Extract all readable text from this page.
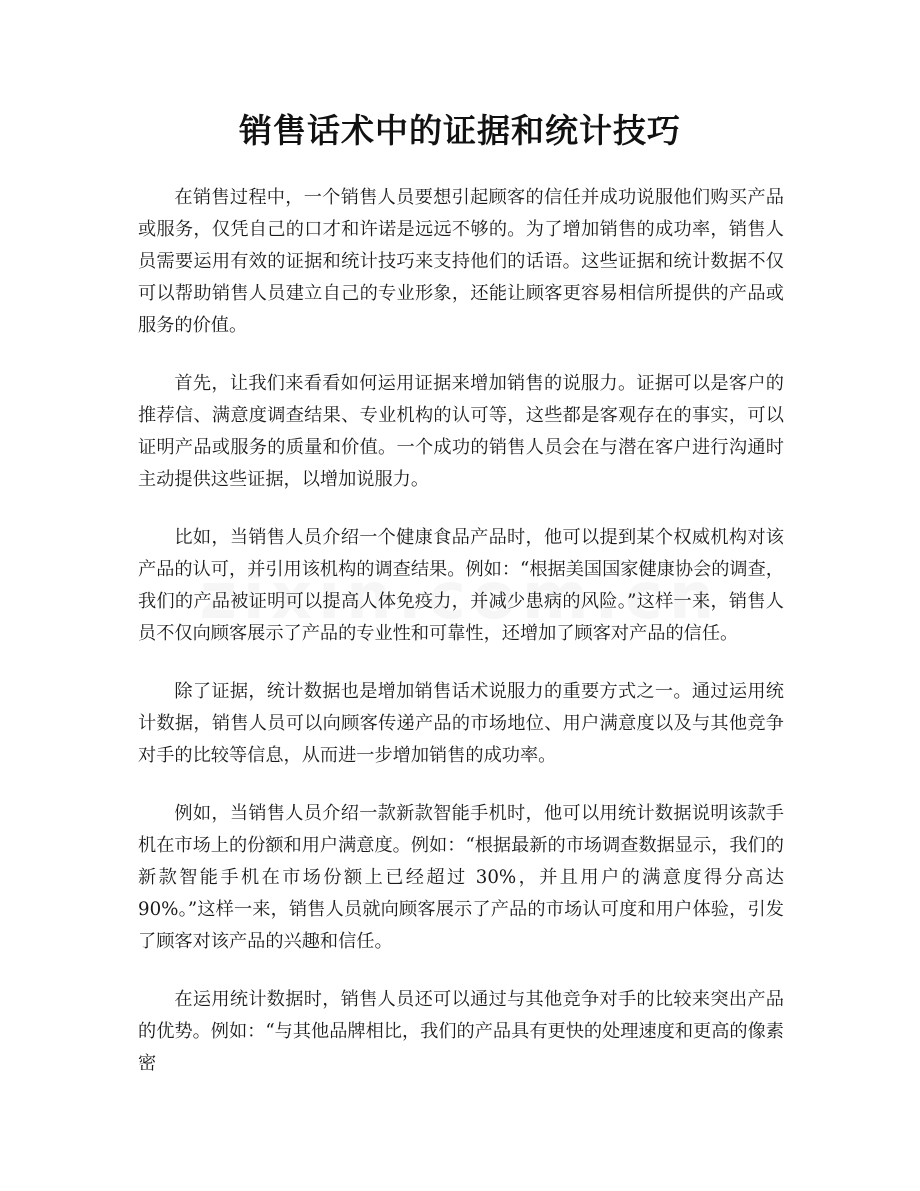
销售话术中的证据和统计技巧

在销售过程中，一个销售人员要想引起顾客的信任并成功说服他们购买产品或服务，仅凭自己的口才和许诺是远远不够的。为了增加销售的成功率，销售人员需要运用有效的证据和统计技巧来支持他们的话语。这些证据和统计数据不仅可以帮助销售人员建立自己的专业形象，还能让顾客更容易相信所提供的产品或服务的价值。

首先，让我们来看看如何运用证据来增加销售的说服力。证据可以是客户的推荐信、满意度调查结果、专业机构的认可等，这些都是客观存在的事实，可以证明产品或服务的质量和价值。一个成功的销售人员会在与潜在客户进行沟通时主动提供这些证据，以增加说服力。

比如，当销售人员介绍一个健康食品产品时，他可以提到某个权威机构对该产品的认可，并引用该机构的调查结果。例如：“根据美国国家健康协会的调查，我们的产品被证明可以提高人体免疫力，并减少患病的风险。”这样一来，销售人员不仅向顾客展示了产品的专业性和可靠性，还增加了顾客对产品的信任。

除了证据，统计数据也是增加销售话术说服力的重要方式之一。通过运用统计数据，销售人员可以向顾客传递产品的市场地位、用户满意度以及与其他竞争对手的比较等信息，从而进一步增加销售的成功率。

例如，当销售人员介绍一款新款智能手机时，他可以用统计数据说明该款手机在市场上的份额和用户满意度。例如：“根据最新的市场调查数据显示，我们的新款智能手机在市场份额上已经超过 30%，并且用户的满意度得分高达 90%。”这样一来，销售人员就向顾客展示了产品的市场认可度和用户体验，引发了顾客对该产品的兴趣和信任。

在运用统计数据时，销售人员还可以通过与其他竞争对手的比较来突出产品的优势。例如：“与其他品牌相比，我们的产品具有更快的处理速度和更高的像素密
